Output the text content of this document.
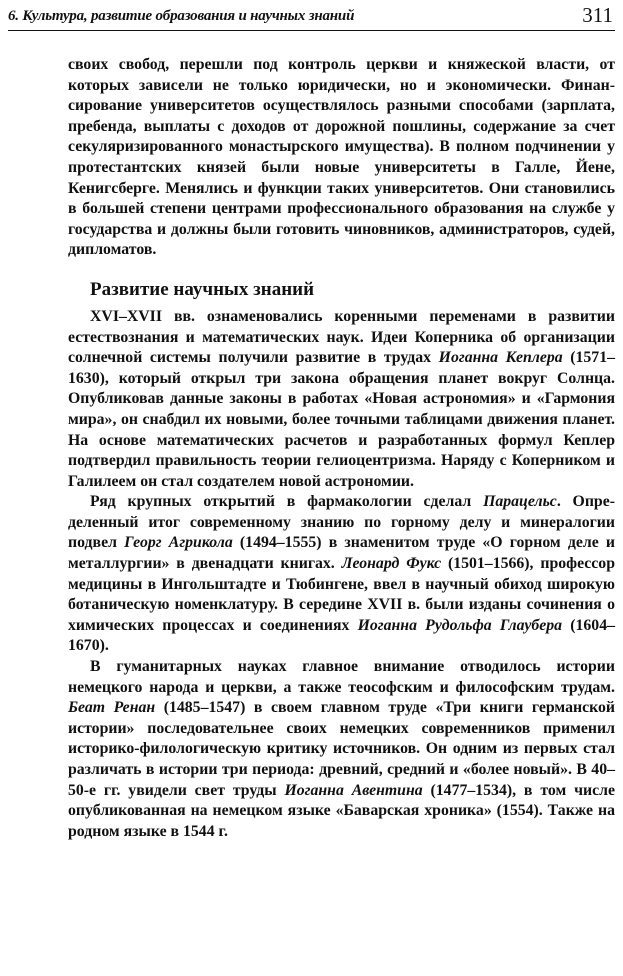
6. Культура, развитие образования и научных знаний	311

своих свобод, перешли под контроль церкви и княжеской власти, от которых зависели не только юридически, но и экономически. Финансирование университетов осуществлялось разными способами (зарплата, пребенда, выплаты с доходов от дорожной пошлины, содержание за счет секуляризированного монастырского имущества). В полном подчинении у протестантских князей были новые университеты в Галле, Йене, Кенигсберге. Менялись и функции таких университетов. Они становились в большей степени центрами профессионального образования на службе у государства и должны были готовить чиновников, администраторов, судей, дипломатов.

Развитие научных знаний

XVI–XVII вв. ознаменовались коренными переменами в развитии естествознания и математических наук. Идеи Коперника об организации солнечной системы получили развитие в трудах Иоганна Кеплера (1571–1630), который открыл три закона обращения планет вокруг Солнца. Опубликовав данные законы в работах «Новая астрономия» и «Гармония мира», он снабдил их новыми, более точными таблицами движения планет. На основе математических расчетов и разработанных формул Кеплер подтвердил правильность теории гелиоцентризма. Наряду с Коперником и Галилеем он стал создателем новой астрономии.

Ряд крупных открытий в фармакологии сделал Парацельс. Определенный итог современному знанию по горному делу и минералогии подвел Георг Агрикола (1494–1555) в знаменитом труде «О горном деле и металлургии» в двенадцати книгах. Леонард Фукс (1501–1566), профессор медицины в Ингольштадте и Тюбингене, ввел в научный обиход широкую ботаническую номенклатуру. В середине XVII в. были изданы сочинения о химических процессах и соединениях Иоганна Рудольфа Глаубера (1604–1670).

В гуманитарных науках главное внимание отводилось истории немецкого народа и церкви, а также теософским и философским трудам. Беат Ренан (1485–1547) в своем главном труде «Три книги германской истории» последовательнее своих немецких современников применил историко-филологическую критику источников. Он одним из первых стал различать в истории три периода: древний, средний и «более новый». В 40–50-е гг. увидели свет труды Иоганна Авентина (1477–1534), в том числе опубликованная на немецком языке «Баварская хроника» (1554). Также на родном языке в 1544 г.
